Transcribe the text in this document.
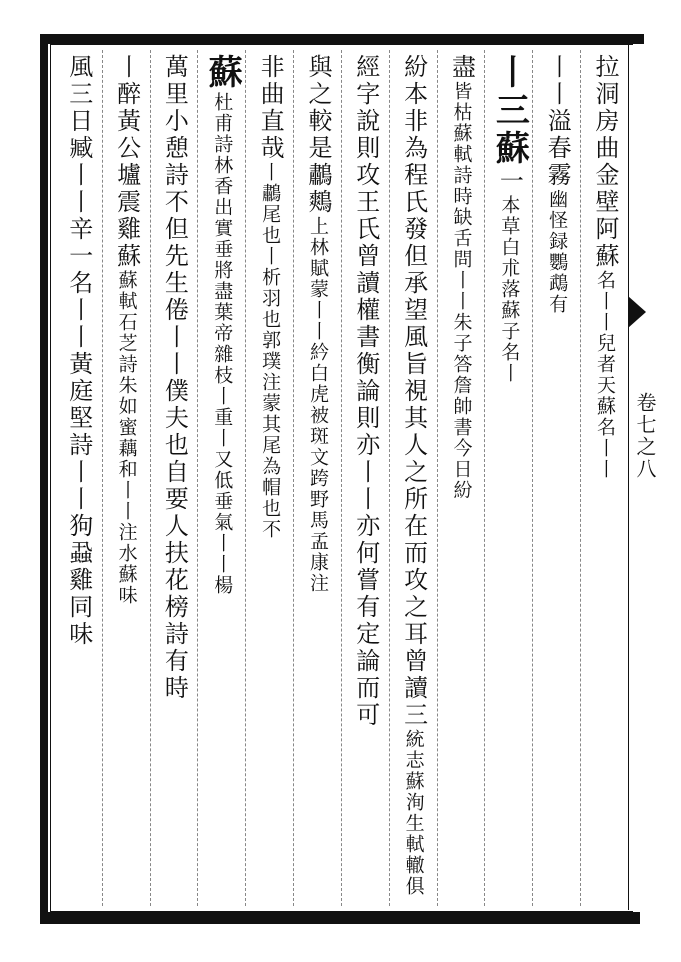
卷七之八
拉洞房曲金壁阿蘇名丨丨兒者天蘇名丨丨
丨丨溢春霧幽怪録鸚鵡有
丨三蘇一本草白朮落蘇子名丨
盡皆枯蘇軾詩時缺舌問丨丨朱子答詹帥書今日紛
紛本非為程氏發但承望風旨視其人之所在而攻之耳曾讀三統志蘇洵生軾轍俱
經字說則攻王氏曾讀權書衡論則亦丨丨亦何嘗有定論而可
與之較是鷫鷞上林賦蒙丨丨紟白虎被斑文跨野馬孟康注
非曲直哉丨鷫尾也丨析羽也郭璞注蒙其尾為帽也不
蘇杜甫詩林香出實垂將盡葉帝雜枝丨重丨又低垂氣丨丨楊
萬里小憩詩不但先生倦丨丨僕夫也自要人扶花榜詩有時
丨醉黃公壚震雞蘇蘇軾石芝詩朱如蜜藕和丨丨注水蘇味
風三日臧丨丨辛一名丨丨黃庭堅詩丨丨狗蝨雞同味
